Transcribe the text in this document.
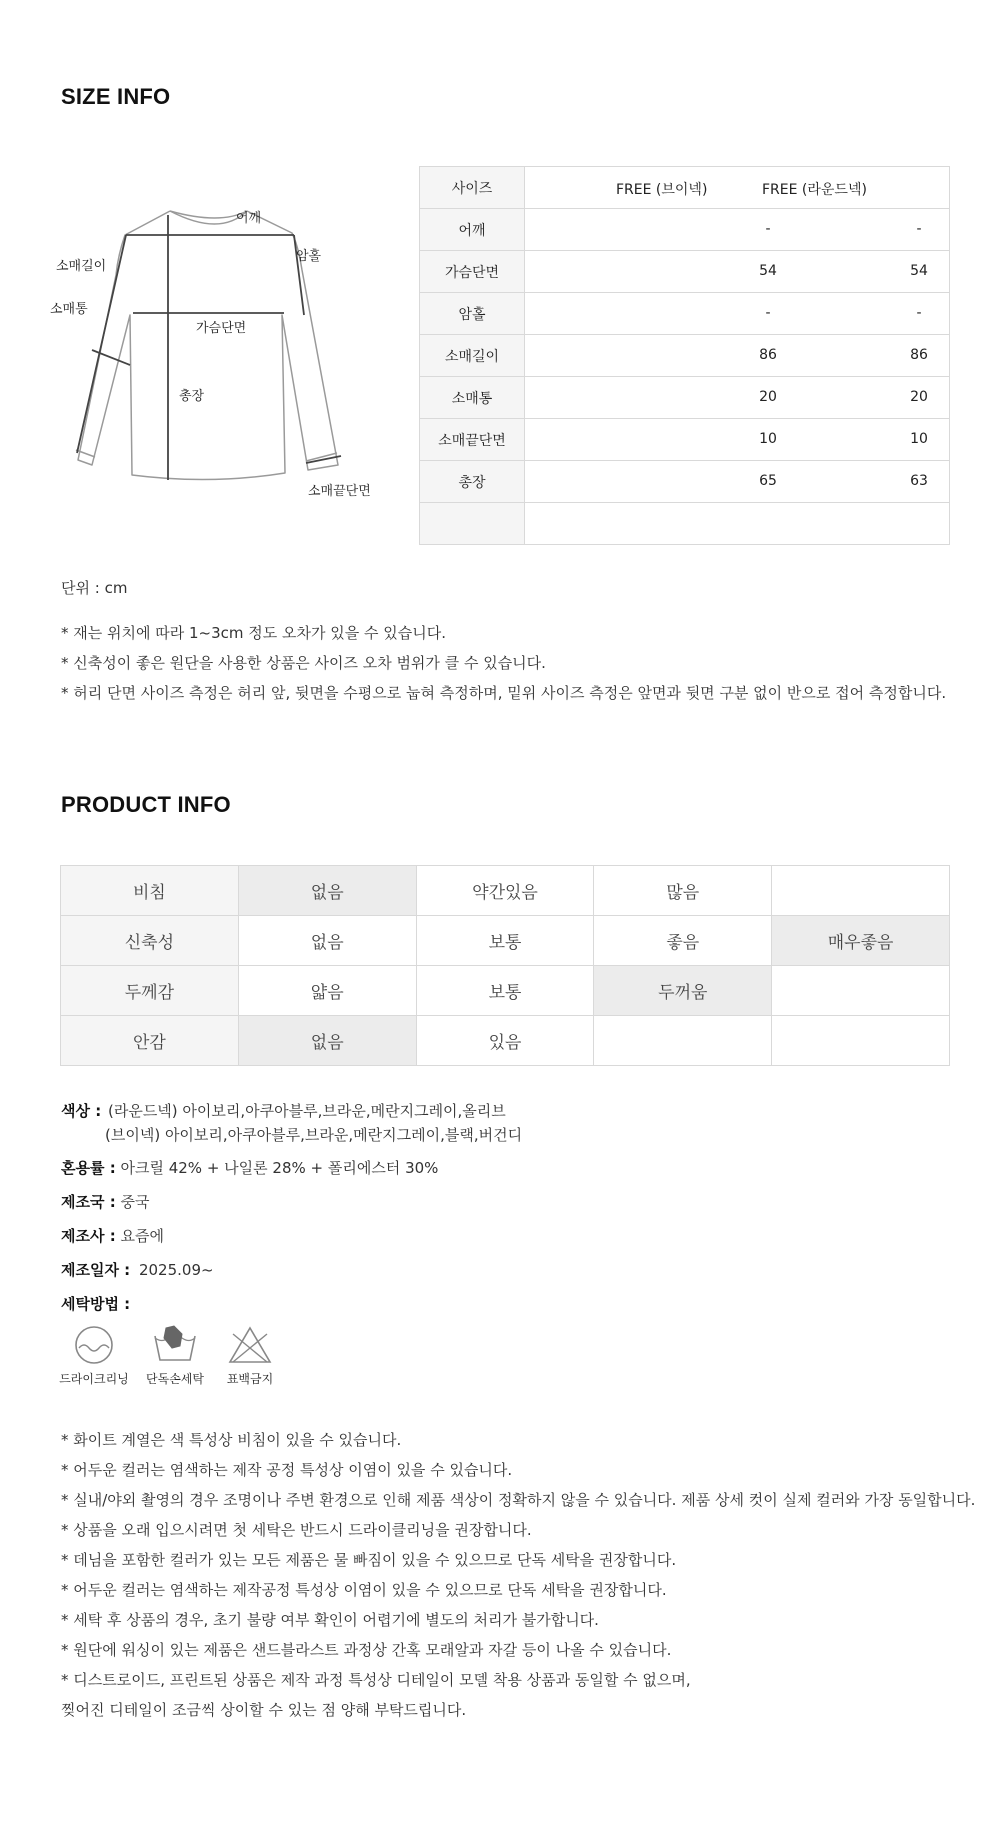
SIZE INFO
어깨
암홀
소매길이
가슴단면
소매통
총장
소매끝단면
사이즈	FREE (브이넥) FREE (라운드넥)

어깨	- -

가슴단면	54 54

암홀	- -

소매길이	86 86

소매통	20 20

소매끝단면	10 10

총장	65 63

단위 : cm
* 재는 위치에 따라 1~3cm 정도 오차가 있을 수 있습니다.
* 신축성이 좋은 원단을 사용한 상품은 사이즈 오차 범위가 클 수 있습니다.
* 허리 단면 사이즈 측정은 허리 앞, 뒷면을 수평으로 눕혀 측정하며, 밑위 사이즈 측정은 앞면과 뒷면 구분 없이 반으로 접어 측정합니다.
PRODUCT INFO
비침	없음	약간있음	많음	
신축성	없음	보통	좋음	매우좋음
두께감	얇음	보통	두꺼움	
안감	없음	있음		
색상 : (라운드넥) 아이보리,아쿠아블루,브라운,메란지그레이,올리브
(브이넥) 아이보리,아쿠아블루,브라운,메란지그레이,블랙,버건디
혼용률 : 아크릴 42% + 나일론 28% + 폴리에스터 30%
제조국 : 중국
제조사 : 요즘에
제조일자 : 2025.09~
세탁방법 :
드라이크리닝	단독손세탁	표백금지
* 화이트 계열은 색 특성상 비침이 있을 수 있습니다.
* 어두운 컬러는 염색하는 제작 공정 특성상 이염이 있을 수 있습니다.
* 실내/야외 촬영의 경우 조명이나 주변 환경으로 인해 제품 색상이 정확하지 않을 수 있습니다. 제품 상세 컷이 실제 컬러와 가장 동일합니다.
* 상품을 오래 입으시려면 첫 세탁은 반드시 드라이클리닝을 권장합니다.
* 데님을 포함한 컬러가 있는 모든 제품은 물 빠짐이 있을 수 있으므로 단독 세탁을 권장합니다.
* 어두운 컬러는 염색하는 제작공정 특성상 이염이 있을 수 있으므로 단독 세탁을 권장합니다.
* 세탁 후 상품의 경우, 초기 불량 여부 확인이 어렵기에 별도의 처리가 불가합니다.
* 원단에 워싱이 있는 제품은 샌드블라스트 과정상 간혹 모래알과 자갈 등이 나올 수 있습니다.
* 디스트로이드, 프린트된 상품은 제작 과정 특성상 디테일이 모델 착용 상품과 동일할 수 없으며,
찢어진 디테일이 조금씩 상이할 수 있는 점 양해 부탁드립니다.
